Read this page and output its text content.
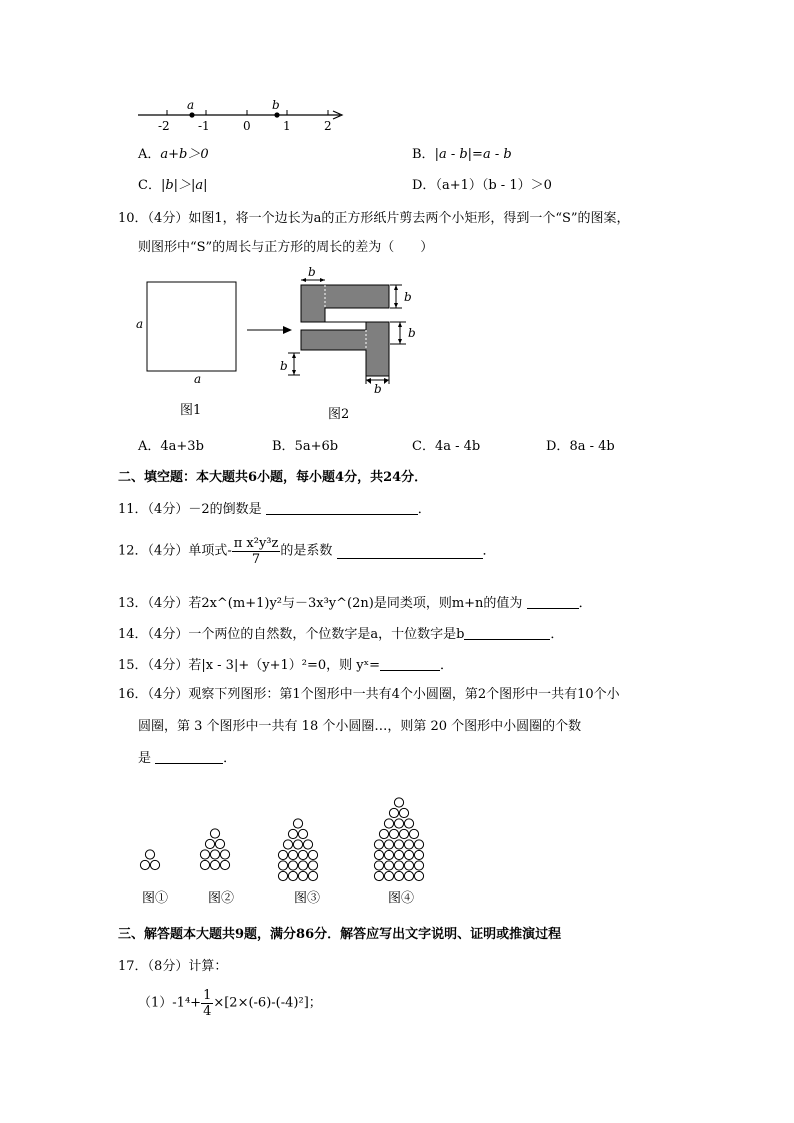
a	b
-2 -1	0	1	2
A．a+b＞0	B．|a - b|=a - b
C．|b|＞|a|	D．（a+1）（b - 1）＞0
10．（4分）如图1，将一个边长为a的正方形纸片剪去两个小矩形，得到一个“S”的图案，
则图形中“S”的周长与正方形的周长的差为（　　）
a
a
图1
b
b
b
b
b
图2
A．4a+3b	B．5a+6b	C．4a - 4b	D．8a - 4b
二、填空题：本大题共6小题，每小题4分，共24分．
11．（4分）－2的倒数是	．
12．（4分）单项式- $\frac{\text{π x²y³z}}{7}$ 的是系数	．
13．（4分）若2x^(m+1)y²与－3x³y^(2n)是同类项，则m+n的值为	．
14．（4分）一个两位的自然数，个位数字是a，十位数字是b	．
15．（4分）若|x - 3|+（y+1）²=0，则 yˣ=	．
16．（4分）观察下列图形：第1个图形中一共有4个小圆圈，第2个图形中一共有10个小
圆圈，第 3 个图形中一共有 18 个小圆圈…，则第 20 个图形中小圆圈的个数
是	．
图①	图②	图③	图④
三、解答题本大题共9题，满分86分．解答应写出文字说明、证明或推演过程
17．（8分）计算：
$(1)-1^4+ \frac{1}{4} \times[2\times(-6)-(-4)^2]$；
